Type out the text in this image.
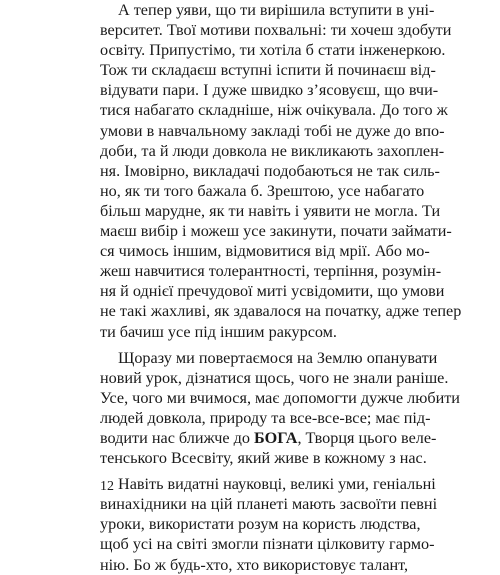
А тепер уяви, що ти вирішила вступити в уні-
верситет. Твої мотиви похвальні: ти хочеш здобути
освіту. Припустімо, ти хотіла б стати інженеркою.
Тож ти складаєш вступні іспити й починаєш від-
відувати пари. І дуже швидко з’ясовуєш, що вчи-
тися набагато складніше, ніж очікувала. До того ж
умови в навчальному закладі тобі не дуже до впо-
доби, та й люди довкола не викликають захоплен-
ня. Імовірно, викладачі подобаються не так силь-
но, як ти того бажала б. Зрештою, усе набагато
більш марудне, як ти навіть і уявити не могла. Ти
маєш вибір і можеш усе закинути, почати займати-
ся чимось іншим, відмовитися від мрії. Або мо-
жеш навчитися толерантності, терпіння, розумін-
ня й однієї пречудової миті усвідомити, що умови
не такі жахливі, як здавалося на початку, адже тепер
ти бачиш усе під іншим ракурсом.
Щоразу ми повертаємося на Землю опанувати
новий урок, дізнатися щось, чого не знали раніше.
Усе, чого ми вчимося, має допомогти дужче любити
людей довкола, природу та все-все-все; має під-
водити нас ближче до БОГА, Творця цього веле-
тенського Всесвіту, який живе в кожному з нас.
Навіть видатні науковці, великі уми, геніальні
винахідники на цій планеті мають засвоїти певні
уроки, використати розум на користь людства,
щоб усі на світі змогли пізнати цілковиту гармо-
нію. Бо ж будь-хто, хто використовує талант,
12
